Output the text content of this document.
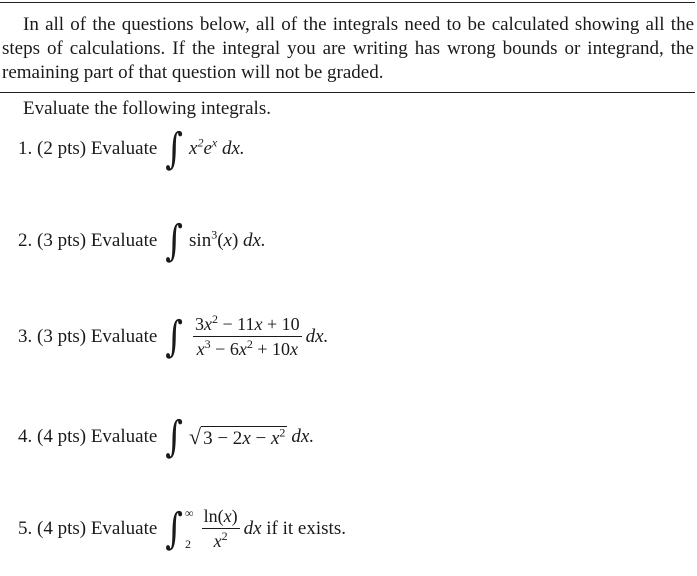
In all of the questions below, all of the integrals need to be calculated showing all the steps of calculations. If the integral you are writing has wrong bounds or integrand, the remaining part of that question will not be graded.
Evaluate the following integrals.
1. (2 pts) Evaluate ∫ $x^2e^x$ dx.
2. (3 pts) Evaluate ∫ $\sin^3(x)$ dx.
3. (3 pts) Evaluate ∫ $\frac{3x^2 - 11x + 10}{x^3 - 6x^2 + 10x}$ dx.
4. (4 pts) Evaluate ∫ √ $3 - 2x - x^2$ dx.
5. (4 pts) Evaluate ∫ ∞
$2 \frac{\ln(x)}{x^2}$ dx if it exists.
